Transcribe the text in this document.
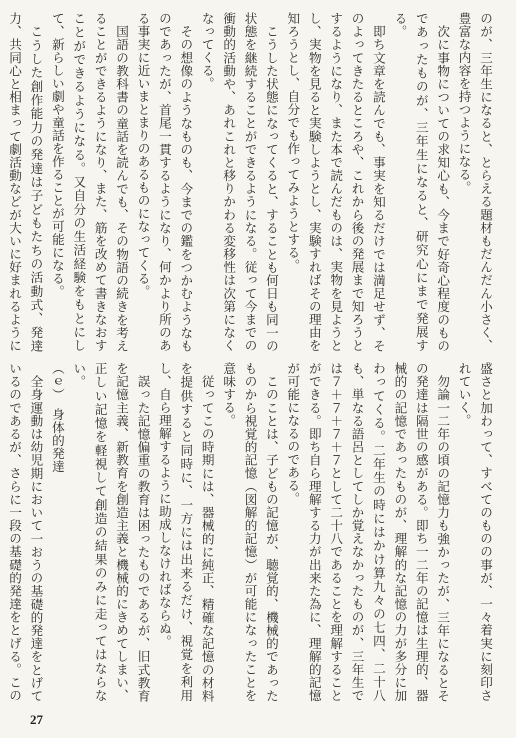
のが、三年生になると、とらえる題材もだんだん小さく、豊富な内容を持つようになる。

次に事物についての求知心も、今まで好奇心程度のものであったものが、三年生になると、研究心にまで発展する。

即ち文章を読んでも、事実を知るだけでは満足せず、そのよってきたるところや、これから後の発展まで知ろうとするようになり、また本で読んだものは、実物を見ようとし、実物を見ると実験しようとし、実験すればその理由を知ろうとし、自分でも作ってみようとする。

こうした状態になってくると、することも何日も同一の状態を継続することができるようになる。従って今までの衝動的活動や、あれこれと移りかわる変移性は次第になくなってくる。

その想像のようなものも、今までの鑑をつかむようなものであったが、首尾一貫するようになり、何かより所のある事実に近いまとまりのあるものになってくる。

国語の教科書の童話を読んでも、その物語の続きを考えることができるようになり、また、筋を改めて書きなおすことができるようになる。又自分の生活経験をもとにして、新らしい劇や童話を作ることが可能になる。

こうした創作能力の発達は子どもたちの活動式、発達力、共同心と相まって劇活動などが大いに好まれるように

盛さと加わって、すべてのものの事が、一々着実に刻印されていく。

勿論一二年の頃の記憶力も強かったが、三年になるとその発達は隔世の感がある。即ち一二年の記憶は生理的、器械的の記憶であったものが、理解的な記憶の力が多分に加わってくる。二年生の時にはかけ算九々の七四、二十八も、単なる語呂としてしか覚えなかったものが、三年生では７＋７＋７＋７として二十八であることを理解することができる。即ち自ら理解する力が出来た為に、理解的記憶が可能になるのである。

このことは、子どもの記憶が、聴覚的、機械的であったものから視覚的記憶（図解的記憶）が可能になったことを意味する。

従ってこの時期には、器械的に純正、精確な記憶の材料を提供すると同時に、一方には出来るだけ、視覚を利用し、自ら理解するように助成しなければならぬ。

誤った記憶偏重の教育は困ったものであるが、旧式教育を記憶主義、新教育を創造主義と機械的にきめてしまい、正しい記憶を軽視して創造の結果のみに走ってはならない。

（ｅ）　身体的発達

全身運動は幼児期において一おうの基礎的発達をとげているのであるが、さらに一段の基礎的発達をとげる。この

27
